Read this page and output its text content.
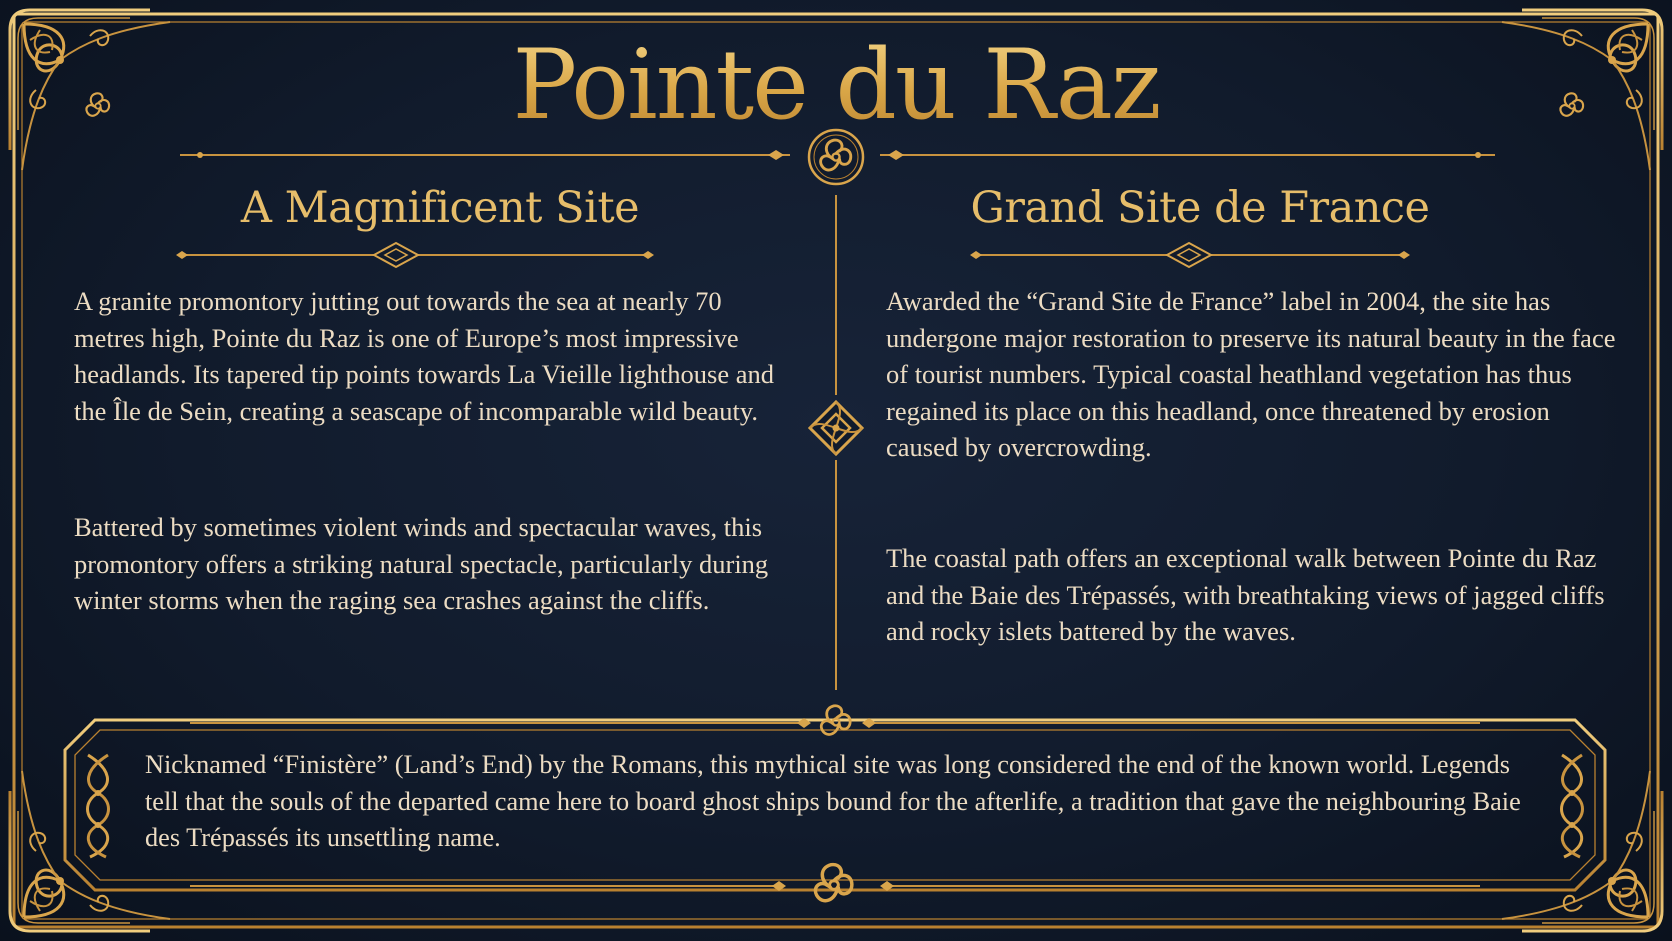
Pointe du Raz
A Magnificent Site	Grand Site de France

A granite promontory jutting out towards the sea at nearly 70 metres high, Pointe du Raz is one of Europe’s most impressive headlands. Its tapered tip points towards La Vieille lighthouse and the Île de Sein, creating a seascape of incomparable wild beauty.

Battered by sometimes violent winds and spectacular waves, this promontory offers a striking natural spectacle, particularly during winter storms when the raging sea crashes against the cliffs.

Awarded the “Grand Site de France” label in 2004, the site has undergone major restoration to preserve its natural beauty in the face of tourist numbers. Typical coastal heathland vegetation has thus regained its place on this headland, once threatened by erosion caused by overcrowding.

The coastal path offers an exceptional walk between Pointe du Raz and the Baie des Trépassés, with breathtaking views of jagged cliffs and rocky islets battered by the waves.

Nicknamed “Finistère” (Land’s End) by the Romans, this mythical site was long considered the end of the known world. Legends tell that the souls of the departed came here to board ghost ships bound for the afterlife, a tradition that gave the neighbouring Baie des Trépassés its unsettling name.
